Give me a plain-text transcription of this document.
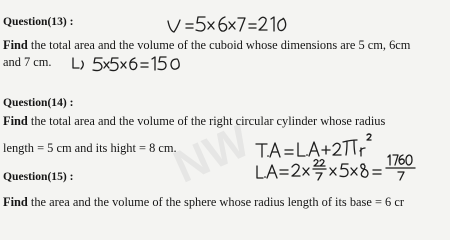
NW
Question(13) :
Find the total area and the volume of the cuboid whose dimensions are 5 cm, 6cm
and 7 cm.
Question(14) :
Find the total area and the volume of the right circular cylinder whose radius
length = 5 cm and its hight = 8 cm.
Question(15) :
Find the area and the volume of the sphere whose radius length of its base = 6 cr
